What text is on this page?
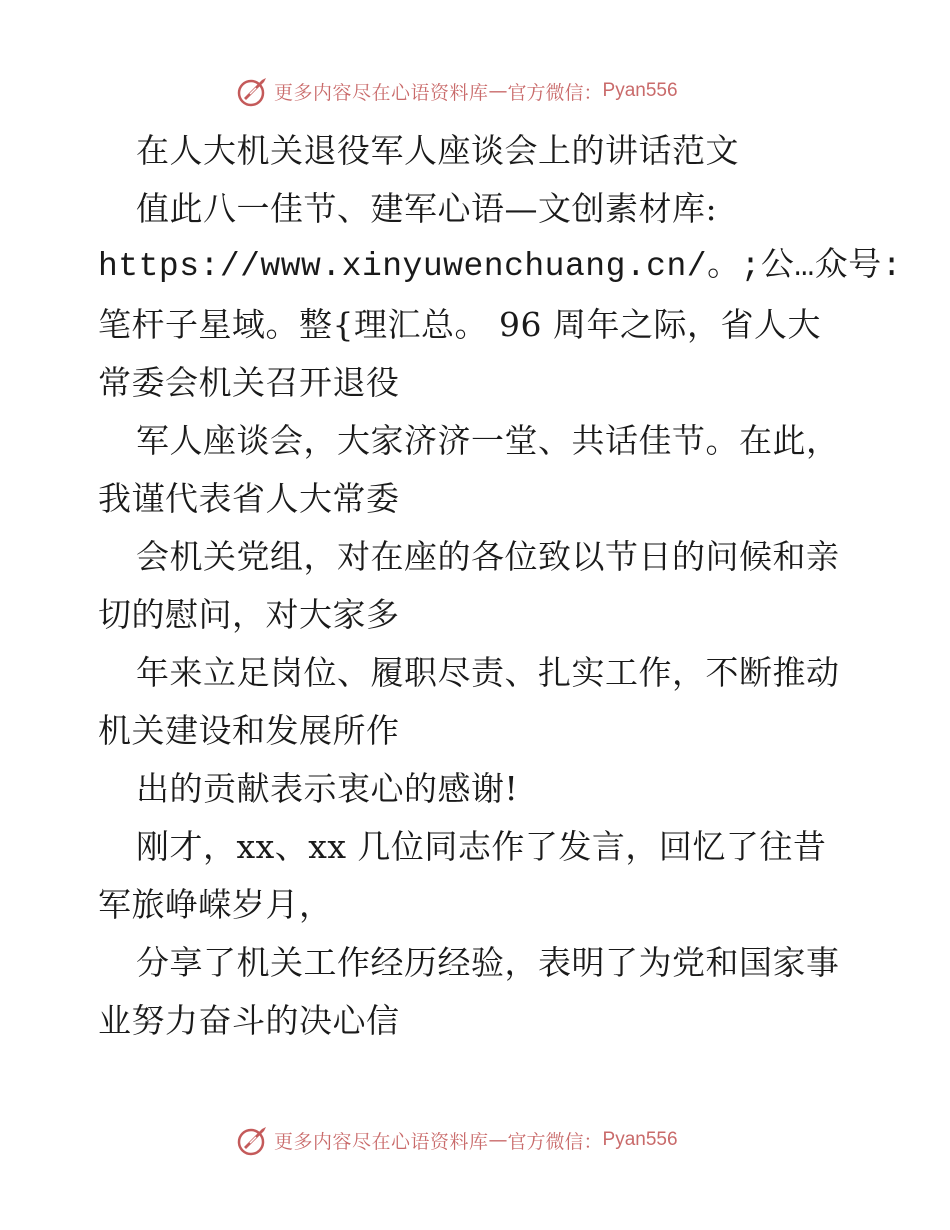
更多内容尽在心语资料库 — 官方微信： Pyan556
在人大机关退役军人座谈会上的讲话范文
值此八一佳节、建军心语—文创素材库:
https://www.xinyuwenchuang.cn/。;公…众号:
笔杆子星域。整{理汇总。 96 周年之际，省人大
常委会机关召开退役
军人座谈会，大家济济一堂、共话佳节。在此，
我谨代表省人大常委
会机关党组，对在座的各位致以节日的问候和亲
切的慰问，对大家多
年来立足岗位、履职尽责、扎实工作，不断推动
机关建设和发展所作
出的贡献表示衷心的感谢!
刚才，xx、xx 几位同志作了发言，回忆了往昔
军旅峥嵘岁月，
分享了机关工作经历经验，表明了为党和国家事
业努力奋斗的决心信
更多内容尽在心语资料库 — 官方微信： Pyan556
